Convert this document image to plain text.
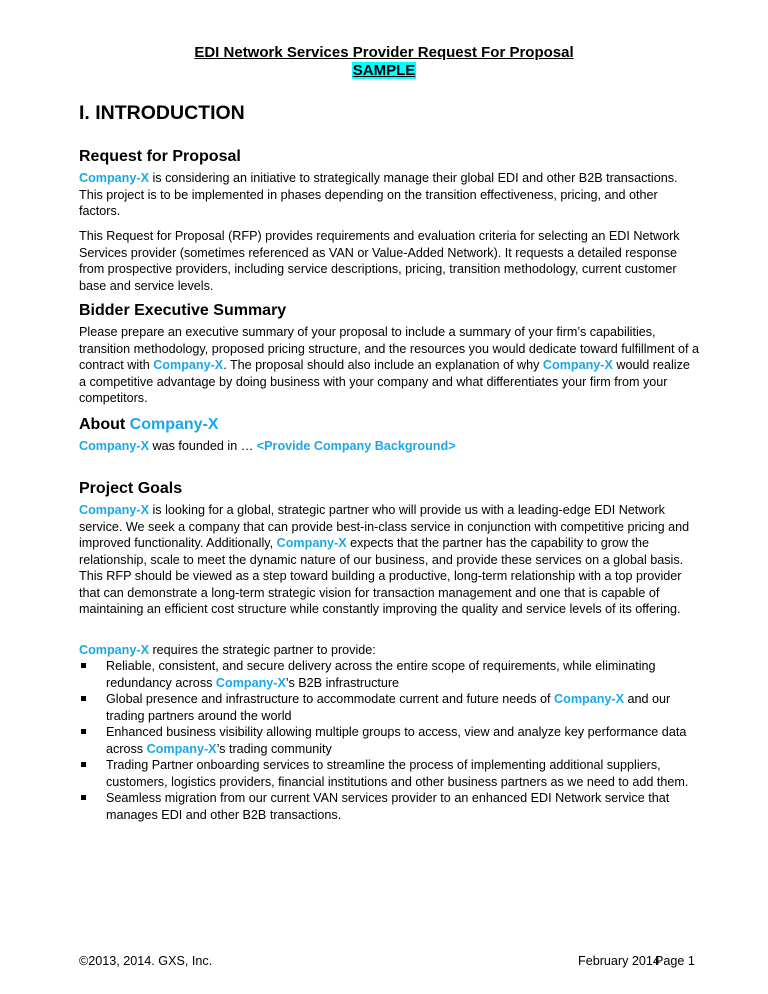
EDI Network Services Provider Request For Proposal
SAMPLE
I. INTRODUCTION
Request for Proposal

Company-X is considering an initiative to strategically manage their global EDI and other B2B transactions. This project is to be implemented in phases depending on the transition effectiveness, pricing, and other factors.

This Request for Proposal (RFP) provides requirements and evaluation criteria for selecting an EDI Network Services provider (sometimes referenced as VAN or Value-Added Network). It requests a detailed response from prospective providers, including service descriptions, pricing, transition methodology, current customer base and service levels.

Bidder Executive Summary

Please prepare an executive summary of your proposal to include a summary of your firm’s capabilities, transition methodology, proposed pricing structure, and the resources you would dedicate toward fulfillment of a contract with Company-X. The proposal should also include an explanation of why Company-X would realize a competitive advantage by doing business with your company and what differentiates your firm from your competitors.

About Company-X

Company-X was founded in … <Provide Company Background>

Project Goals

Company-X is looking for a global, strategic partner who will provide us with a leading-edge EDI Network service. We seek a company that can provide best-in-class service in conjunction with competitive pricing and improved functionality. Additionally, Company-X expects that the partner has the capability to grow the relationship, scale to meet the dynamic nature of our business, and provide these services on a global basis. This RFP should be viewed as a step toward building a productive, long-term relationship with a top provider that can demonstrate a long-term strategic vision for transaction management and one that is capable of maintaining an efficient cost structure while constantly improving the quality and service levels of its offering.

Company-X requires the strategic partner to provide:

Reliable, consistent, and secure delivery across the entire scope of requirements, while eliminating redundancy across Company-X’s B2B infrastructure
Global presence and infrastructure to accommodate current and future needs of Company-X and our trading partners around the world
Enhanced business visibility allowing multiple groups to access, view and analyze key performance data across Company-X’s trading community
Trading Partner onboarding services to streamline the process of implementing additional suppliers, customers, logistics providers, financial institutions and other business partners as we need to add them.
Seamless migration from our current VAN services provider to an enhanced EDI Network service that manages EDI and other B2B transactions.
©2013, 2014. GXS, Inc.	February 2014
Page 1
